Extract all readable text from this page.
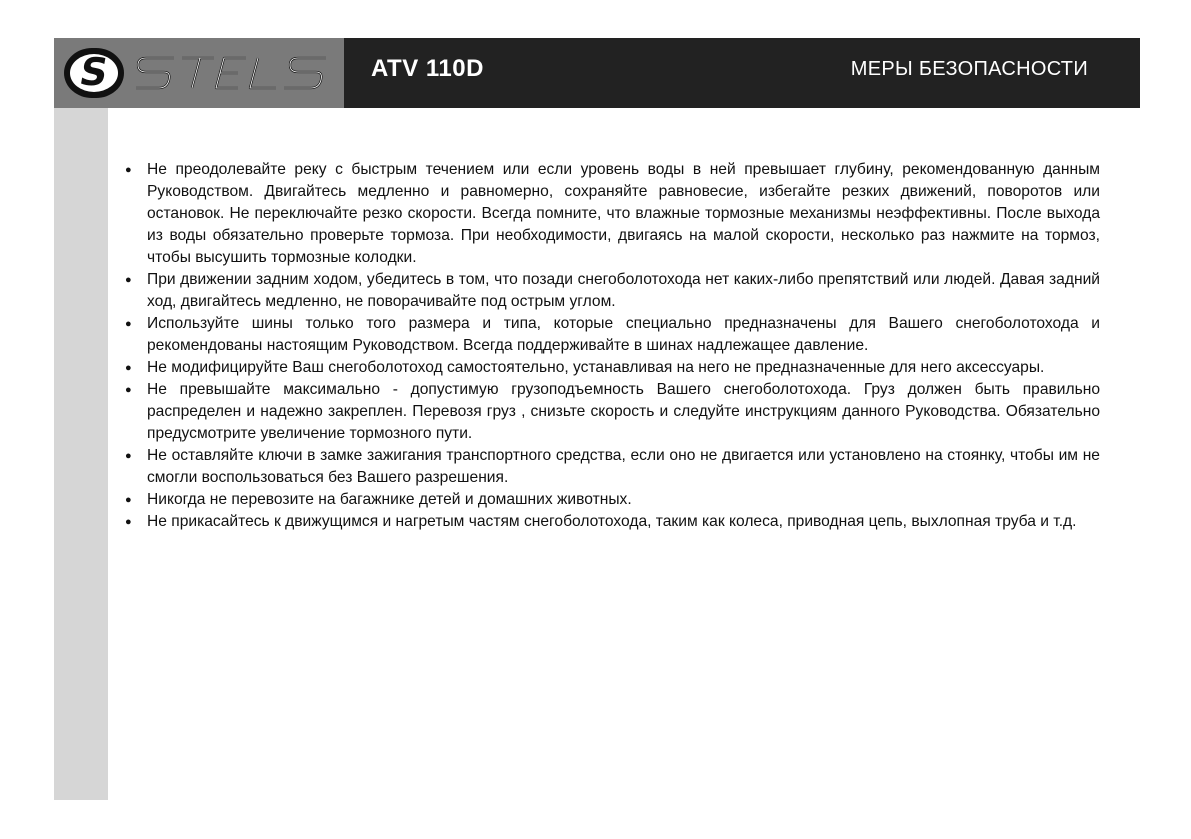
S	ATV 110D	МЕРЫ БЕЗОПАСНОСТИ
● Не преодолевайте реку с быстрым течением или если уровень воды в ней превышает глубину, рекомендованную данным Руководством. Двигайтесь медленно и равномерно, сохраняйте равновесие, избегайте резких движений, поворотов или остановок. Не переключайте резко скорости. Всегда помните, что влажные тормозные механизмы неэффективны. После выхода из воды обязательно проверьте тормоза. При необходимости, двигаясь на малой скорости, несколько раз нажмите на тормоз, чтобы высушить тормозные колодки.
● При движении задним ходом, убедитесь в том, что позади снегоболотохода нет каких-либо препятствий или людей. Давая задний ход, двигайтесь медленно, не поворачивайте под острым углом.
● Используйте шины только того размера и типа, которые специально предназначены для Вашего снегоболотохода и рекомендованы настоящим Руководством. Всегда поддерживайте в шинах надлежащее давление.
● Не модифицируйте Ваш снегоболотоход самостоятельно, устанавливая на него не предназначенные для него аксессуары.
● Не превышайте максимально - допустимую грузоподъемность Вашего снегоболотохода. Груз должен быть правильно распределен и надежно закреплен. Перевозя груз , снизьте скорость и следуйте инструкциям данного Руководства. Обязательно предусмотрите увеличение тормозного пути.
● Не оставляйте ключи в замке зажигания транспортного средства, если оно не двигается или установлено на стоянку, чтобы им не смогли воспользоваться без Вашего разрешения.
● Никогда не перевозите на багажнике детей и домашних животных.
● Не прикасайтесь к движущимся и нагретым частям снегоболотохода, таким как колеса, приводная цепь, выхлопная труба и т.д.
